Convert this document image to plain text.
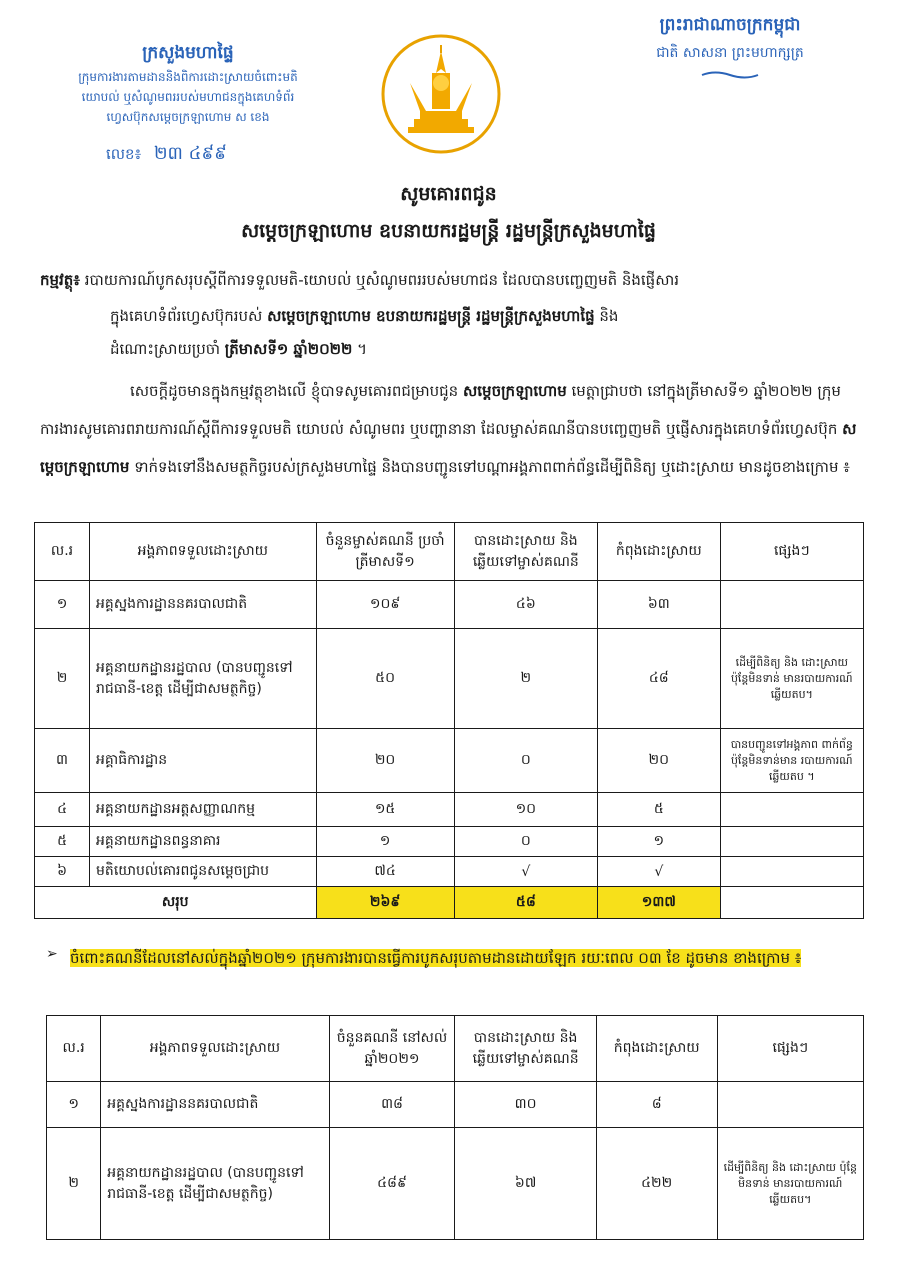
ក្រសួងមហាផ្ទៃ
ក្រុមការងារតាមដាននិងពិការដោះស្រាយចំពោះមតិ
យោបល់ ឬសំណូមពររបស់មហាជនក្នុងគេហទំព័រ
ហ្វេសប៊ុកសម្តេចក្រឡាហោម ស ខេង
លេខ៖ ២៣ ៤៩៩
ព្រះរាជាណាចក្រកម្ពុជា
ជាតិ សាសនា ព្រះមហាក្សត្រ
សូមគោរពជូន
សម្តេចក្រឡាហោម ឧបនាយករដ្ឋមន្ត្រី រដ្ឋមន្ត្រីក្រសួងមហាផ្ទៃ
កម្មវត្ថុ៖ របាយការណ៍បូកសរុបស្តីពីការទទួលមតិ-យោបល់ ឬសំណូមពររបស់មហាជន ដែលបានបញ្ចេញមតិ និងផ្ញើសារ
ក្នុងគេហទំព័រហ្វេសប៊ុករបស់ សម្តេចក្រឡាហោម ឧបនាយករដ្ឋមន្ត្រី រដ្ឋមន្ត្រីក្រសួងមហាផ្ទៃ និង
ដំណោះស្រាយប្រចាំ ត្រីមាសទី១ ឆ្នាំ២០២២ ។
សេចក្តីដូចមានក្នុងកម្មវត្ថុខាងលើ ខ្ញុំបាទសូមគោរពជម្រាបជូន សម្តេចក្រឡាហោម មេត្តាជ្រាបថា នៅក្នុងត្រីមាសទី១ ឆ្នាំ២០២២ ក្រុមការងារសូមគោរពរាយការណ៍ស្តីពីការទទួលមតិ យោបល់ សំណូមពរ ឬបញ្ហានានា ដែលម្ចាស់គណនីបានបញ្ចេញមតិ ឬផ្ញើសារក្នុងគេហទំព័រហ្វេសប៊ុក សម្តេចក្រឡាហោម ទាក់ទងទៅនឹងសមត្ថកិច្ចរបស់ក្រសួងមហាផ្ទៃ និងបានបញ្ជូនទៅបណ្តាអង្គភាពពាក់ព័ន្ធដើម្បីពិនិត្យ ឬដោះស្រាយ មានដូចខាងក្រោម ៖
ល.រ	អង្គភាពទទួលដោះស្រាយ	ចំនួនម្ចាស់គណនី ប្រចាំត្រីមាសទី១	បានដោះស្រាយ និង ឆ្លើយទៅម្ចាស់គណនី	កំពុងដោះស្រាយ	ផ្សេងៗ
១	អគ្គស្នងការដ្ឋាននគរបាលជាតិ	១០៩	៤៦	៦៣	
២	អគ្គនាយកដ្ឋានរដ្ឋបាល (បានបញ្ជូនទៅរាជធានី-ខេត្ត ដើម្បីជាសមត្ថកិច្ច)	៥០	២	៤៨	ដើម្បីពិនិត្យ និង ដោះស្រាយ ប៉ុន្តែមិនទាន់ មានរបាយការណ៍ឆ្លើយតប។
៣	អគ្គាធិការដ្ឋាន	២០	០	២០	បានបញ្ជូនទៅអង្គភាព ពាក់ព័ន្ធ ប៉ុន្តែមិនទាន់មាន របាយការណ៍ឆ្លើយតប ។
៤	អគ្គនាយកដ្ឋានអត្តសញ្ញាណកម្ម	១៥	១០	៥	
៥	អគ្គនាយកដ្ឋានពន្ធនាគារ	១	០	១	
៦	មតិយោបល់គោរពជូនសម្តេចជ្រាប	៧៤	√	√	
សរុប		២៦៩	៥៨	១៣៧	
➢ ចំពោះគណនីដែលនៅសល់ក្នុងឆ្នាំ២០២១ ក្រុមការងារបានធ្វើការបូកសរុបតាមដានដោយឡែក រយៈពេល ០៣ ខែ ដូចមាន ខាងក្រោម ៖
ល.រ	អង្គភាពទទួលដោះស្រាយ	ចំនួនគណនី នៅសល់ ឆ្នាំ២០២១	បានដោះស្រាយ និង ឆ្លើយទៅម្ចាស់គណនី	កំពុងដោះស្រាយ	ផ្សេងៗ
១	អគ្គស្នងការដ្ឋាននគរបាលជាតិ	៣៨	៣០	៨	
២	អគ្គនាយកដ្ឋានរដ្ឋបាល (បានបញ្ជូនទៅរាជធានី-ខេត្ត ដើម្បីជាសមត្ថកិច្ច)	៤៨៩	៦៧	៤២២	ដើម្បីពិនិត្យ និង ដោះស្រាយ ប៉ុន្តែមិនទាន់ មានរបាយការណ៍ឆ្លើយតប។
